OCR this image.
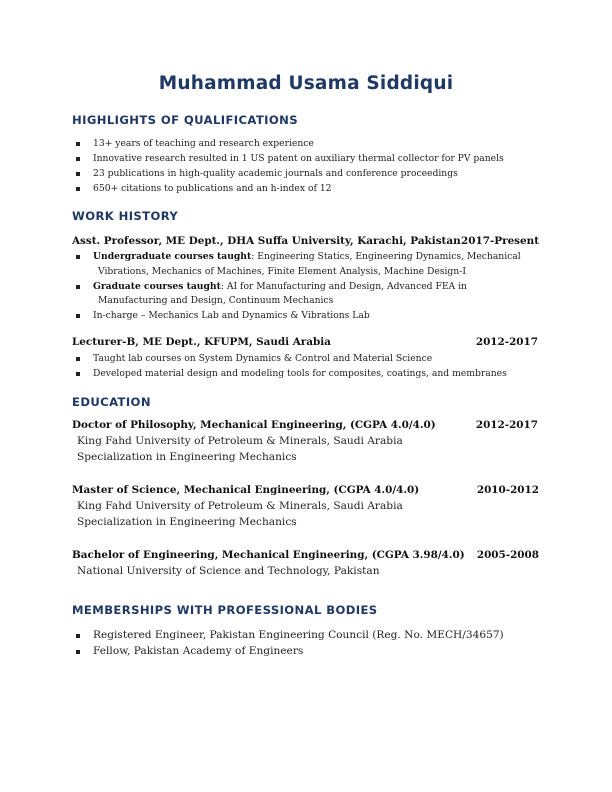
Muhammad Usama Siddiqui
HIGHLIGHTS OF QUALIFICATIONS

13+ years of teaching and research experience

Innovative research resulted in 1 US patent on auxiliary thermal collector for PV panels

23 publications in high-quality academic journals and conference proceedings

650+ citations to publications and an h-index of 12

WORK HISTORY
Asst. Professor, ME Dept., DHA Suffa University, Karachi, Pakistan 2017-Present

Undergraduate courses taught: Engineering Statics, Engineering Dynamics, Mechanical

Vibrations, Mechanics of Machines, Finite Element Analysis, Machine Design-I

Graduate courses taught: AI for Manufacturing and Design, Advanced FEA in

Manufacturing and Design, Continuum Mechanics

In-charge – Mechanics Lab and Dynamics & Vibrations Lab

Lecturer-B, ME Dept., KFUPM, Saudi Arabia	2012-2017

Taught lab courses on System Dynamics & Control and Material Science

Developed material design and modeling tools for composites, coatings, and membranes

EDUCATION
Doctor of Philosophy, Mechanical Engineering, (CGPA 4.0/4.0)	2012-2017
King Fahd University of Petroleum & Minerals, Saudi Arabia
Specialization in Engineering Mechanics
Master of Science, Mechanical Engineering, (CGPA 4.0/4.0)	2010-2012
King Fahd University of Petroleum & Minerals, Saudi Arabia
Specialization in Engineering Mechanics
Bachelor of Engineering, Mechanical Engineering, (CGPA 3.98/4.0) 2005-2008
National University of Science and Technology, Pakistan
MEMBERSHIPS WITH PROFESSIONAL BODIES

Registered Engineer, Pakistan Engineering Council (Reg. No. MECH/34657)

Fellow, Pakistan Academy of Engineers
